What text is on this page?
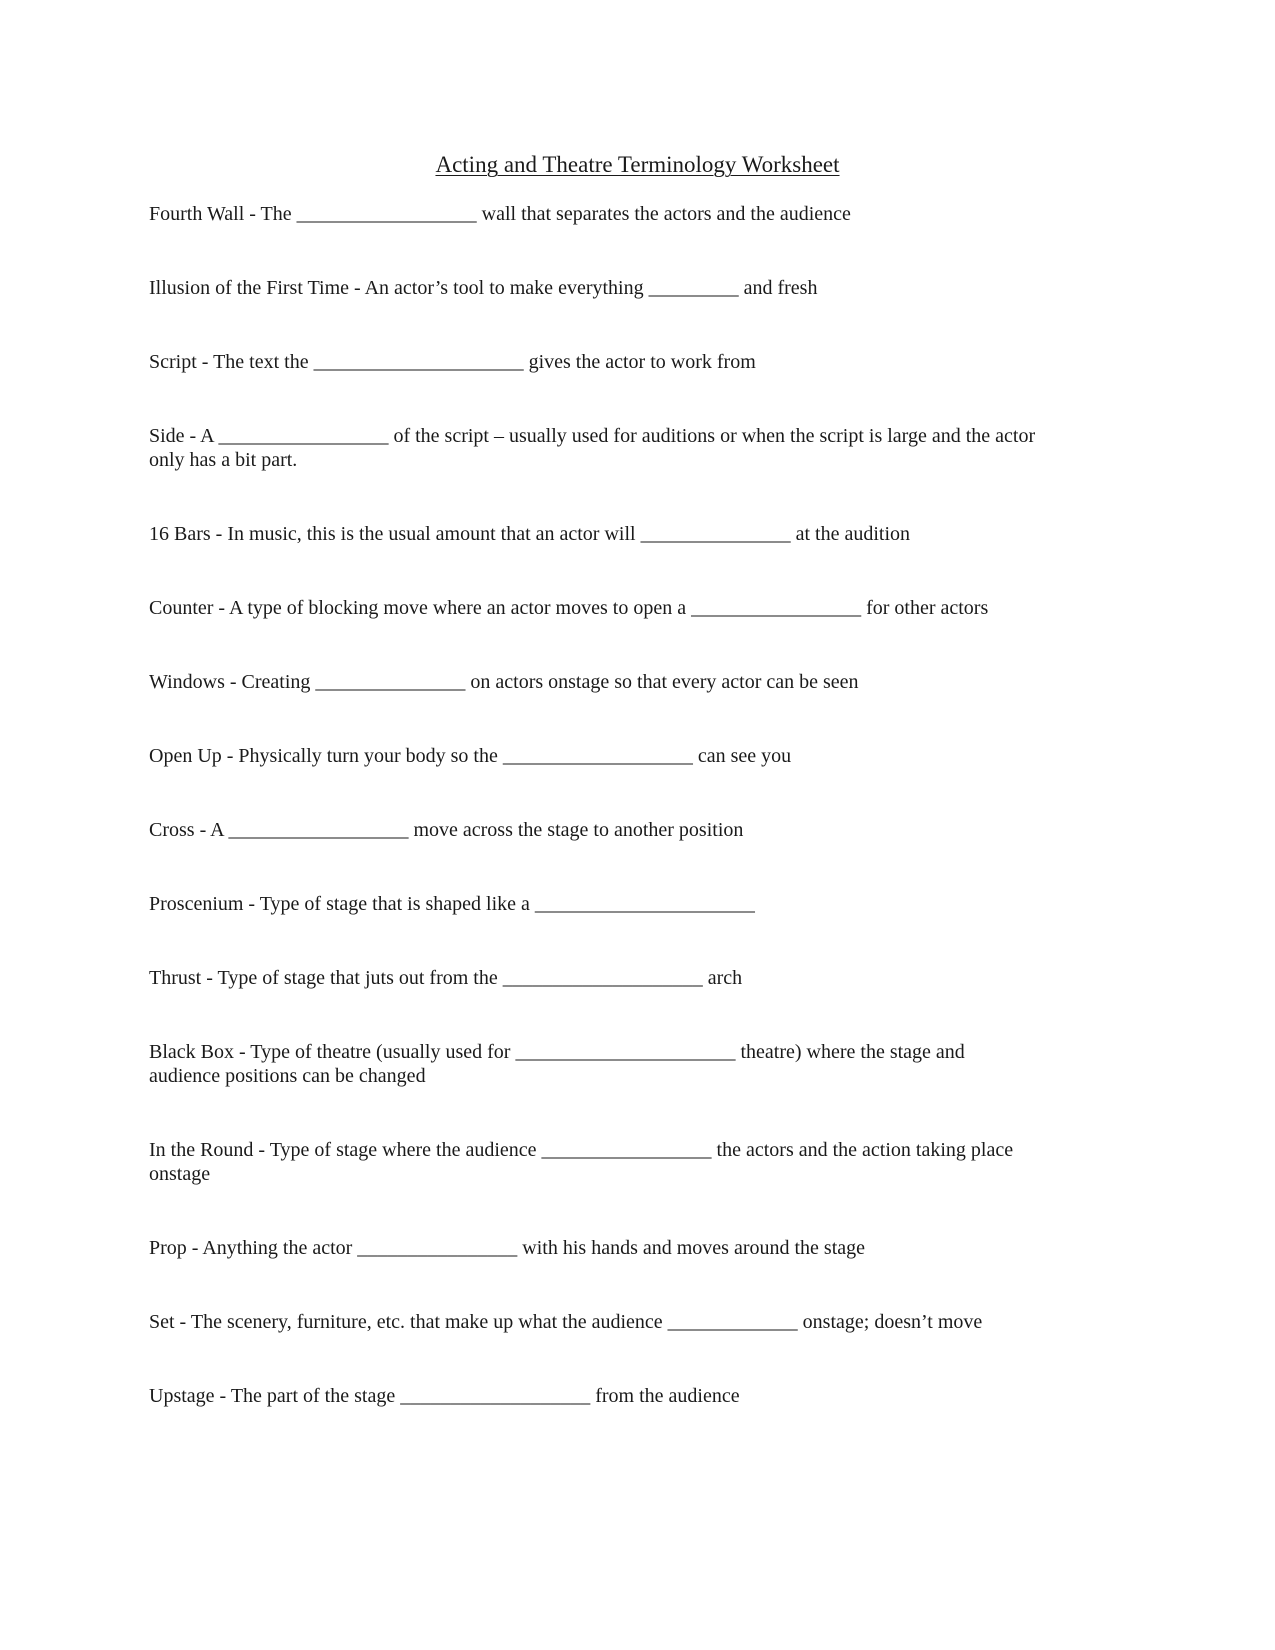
Acting and Theatre Terminology Worksheet

Fourth Wall - The __________________ wall that separates the actors and the audience

Illusion of the First Time - An actor’s tool to make everything _________ and fresh

Script - The text the _____________________ gives the actor to work from

Side - A _________________ of the script – usually used for auditions or when the script is large and the actor
only has a bit part.

16 Bars - In music, this is the usual amount that an actor will _______________ at the audition

Counter - A type of blocking move where an actor moves to open a _________________ for other actors

Windows - Creating _______________ on actors onstage so that every actor can be seen

Open Up - Physically turn your body so the ___________________ can see you

Cross - A __________________ move across the stage to another position

Proscenium - Type of stage that is shaped like a ______________________

Thrust - Type of stage that juts out from the ____________________ arch

Black Box - Type of theatre (usually used for ______________________ theatre) where the stage and
audience positions can be changed

In the Round - Type of stage where the audience _________________ the actors and the action taking place
onstage

Prop - Anything the actor ________________ with his hands and moves around the stage

Set - The scenery, furniture, etc. that make up what the audience _____________ onstage; doesn’t move

Upstage - The part of the stage ___________________ from the audience
